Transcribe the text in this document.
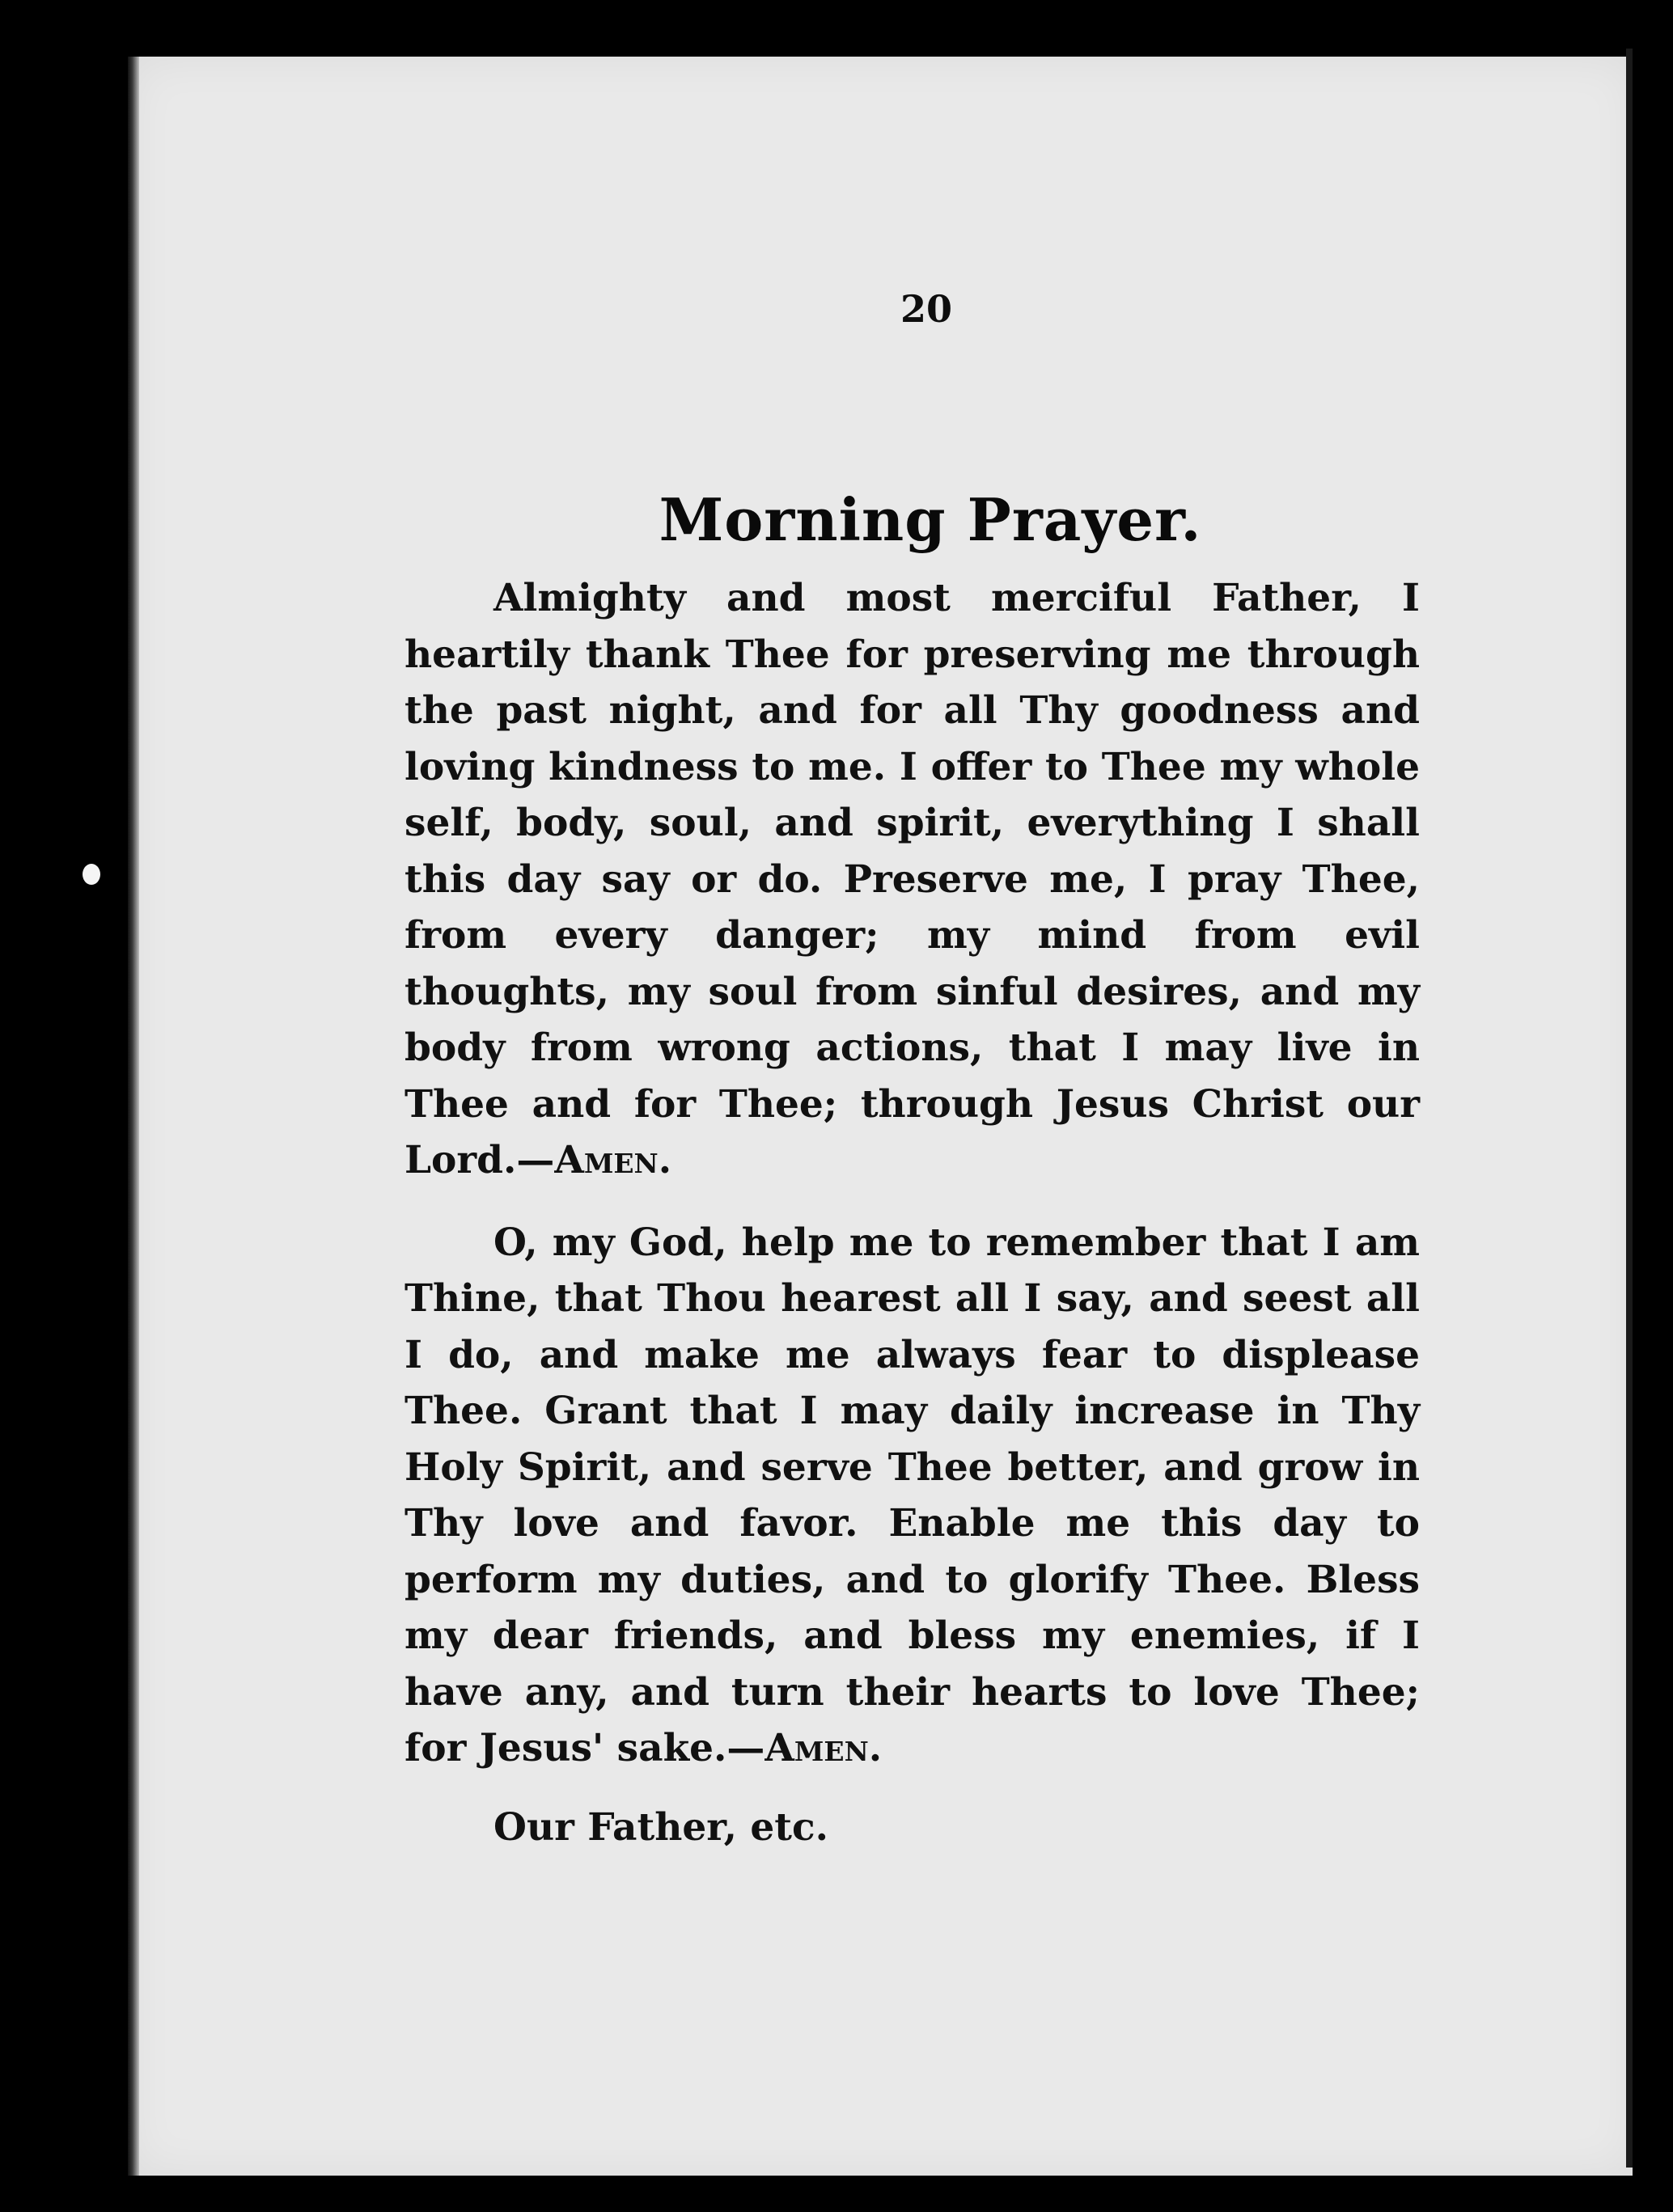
20
Morning Prayer.

Almighty and most merciful Father, I heartily thank Thee for preserving me through the past night, and for all Thy goodness and loving kindness to me. I offer to Thee my whole self, body, soul, and spirit, everything I shall this day say or do. Preserve me, I pray Thee, from every danger; my mind from evil thoughts, my soul from sinful desires, and my body from wrong actions, that I may live in Thee and for Thee; through Jesus Christ our Lord.—Amen.

O, my God, help me to remember that I am Thine, that Thou hearest all I say, and seest all I do, and make me always fear to displease Thee. Grant that I may daily increase in Thy Holy Spirit, and serve Thee better, and grow in Thy love and favor. Enable me this day to perform my duties, and to glorify Thee. Bless my dear friends, and bless my enemies, if I have any, and turn their hearts to love Thee; for Jesus' sake.—Amen.

Our Father, etc.
